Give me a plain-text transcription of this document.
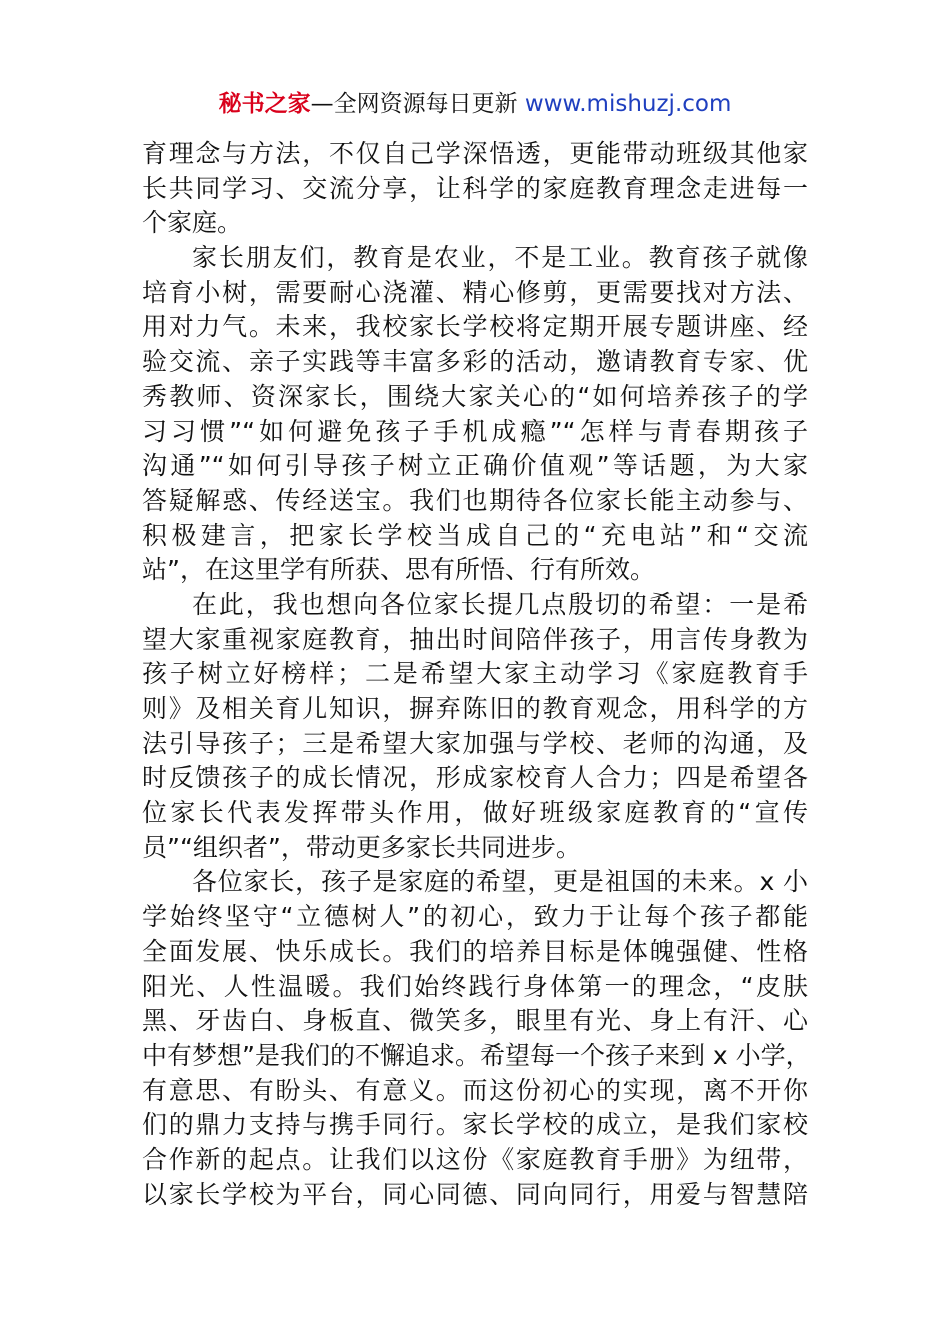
秘书之家—全网资源每日更新 www.mishuzj.com
育理念与方法，不仅自己学深悟透，更能带动班级其他家
长共同学习、交流分享，让科学的家庭教育理念走进每一
个家庭。
家长朋友们，教育是农业，不是工业。教育孩子就像
培育小树，需要耐心浇灌、精心修剪，更需要找对方法、
用对力气。未来，我校家长学校将定期开展专题讲座、经
验交流、亲子实践等丰富多彩的活动，邀请教育专家、优
秀教师、资深家长，围绕大家关心的“如何培养孩子的学
习习惯”“如何避免孩子手机成瘾”“怎样与青春期孩子
沟通”“如何引导孩子树立正确价值观”等话题，为大家
答疑解惑、传经送宝。我们也期待各位家长能主动参与、
积极建言，把家长学校当成自己的“充电站”和“交流
站”，在这里学有所获、思有所悟、行有所效。
在此，我也想向各位家长提几点殷切的希望：一是希
望大家重视家庭教育，抽出时间陪伴孩子，用言传身教为
孩子树立好榜样；二是希望大家主动学习《家庭教育手
则》及相关育儿知识，摒弃陈旧的教育观念，用科学的方
法引导孩子；三是希望大家加强与学校、老师的沟通，及
时反馈孩子的成长情况，形成家校育人合力；四是希望各
位家长代表发挥带头作用，做好班级家庭教育的“宣传
员”“组织者”，带动更多家长共同进步。
各位家长，孩子是家庭的希望，更是祖国的未来。x 小
学始终坚守“立德树人”的初心，致力于让每个孩子都能
全面发展、快乐成长。我们的培养目标是体魄强健、性格
阳光、人性温暖。我们始终践行身体第一的理念，“皮肤
黑、牙齿白、身板直、微笑多，眼里有光、身上有汗、心
中有梦想”是我们的不懈追求。希望每一个孩子来到 x 小学，
有意思、有盼头、有意义。而这份初心的实现，离不开你
们的鼎力支持与携手同行。家长学校的成立，是我们家校
合作新的起点。让我们以这份《家庭教育手册》为纽带，
以家长学校为平台，同心同德、同向同行，用爱与智慧陪
